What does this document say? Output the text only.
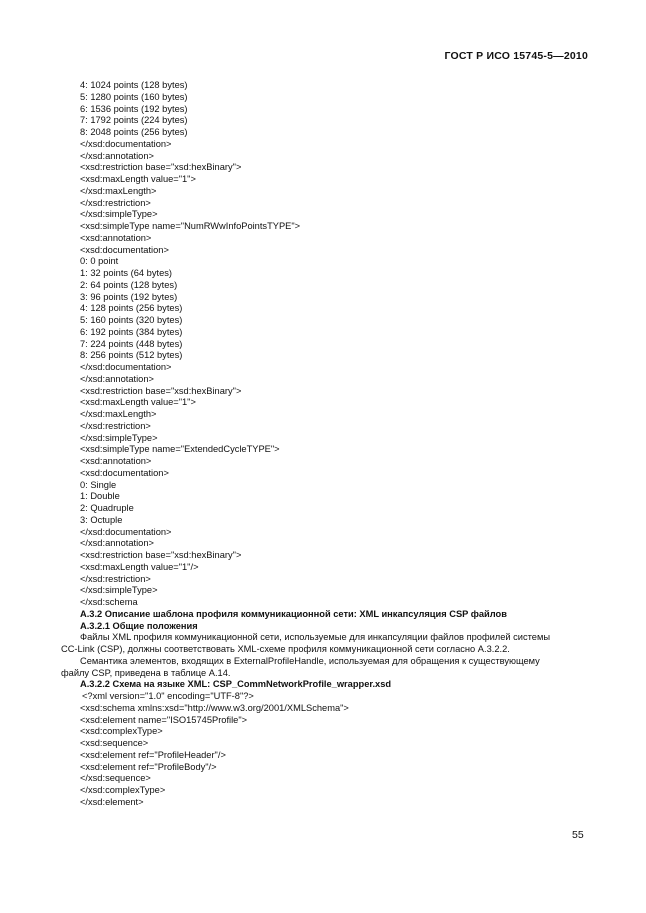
ГОСТ Р ИСО 15745-5—2010
4: 1024 points (128 bytes)
5: 1280 points (160 bytes)
6: 1536 points (192 bytes)
7: 1792 points (224 bytes)
8: 2048 points (256 bytes)
</xsd:documentation>
</xsd:annotation>
<xsd:restriction base="xsd:hexBinary">
<xsd:maxLength value="1">
</xsd:maxLength>
</xsd:restriction>
</xsd:simpleType>
<xsd:simpleType name="NumRWwInfoPointsTYPE">
<xsd:annotation>
<xsd:documentation>
0: 0 point
1: 32 points (64 bytes)
2: 64 points (128 bytes)
3: 96 points (192 bytes)
4: 128 points (256 bytes)
5: 160 points (320 bytes)
6: 192 points (384 bytes)
7: 224 points (448 bytes)
8: 256 points (512 bytes)
</xsd:documentation>
</xsd:annotation>
<xsd:restriction base="xsd:hexBinary">
<xsd:maxLength value="1">
</xsd:maxLength>
</xsd:restriction>
</xsd:simpleType>
<xsd:simpleType name="ExtendedCycleTYPE">
<xsd:annotation>
<xsd:documentation>
0: Single
1: Double
2: Quadruple
3: Octuple
</xsd:documentation>
</xsd:annotation>
<xsd:restriction base="xsd:hexBinary">
<xsd:maxLength value="1"/>
</xsd:restriction>
</xsd:simpleType>
</xsd:schema
А.3.2 Описание шаблона профиля коммуникационной сети: XML инкапсуляция CSP файлов
А.3.2.1 Общие положения
Файлы XML профиля коммуникационной сети, используемые для инкапсуляции файлов профилей системы
CC-Link (CSP), должны соответствовать XML-схеме профиля коммуникационной сети согласно А.3.2.2.
Семантика элементов, входящих в ExternalProfileHandle, используемая для обращения к существующему
файлу CSP, приведена в таблице А.14.
А.3.2.2 Схема на языке XML: CSP_CommNetworkProfile_wrapper.xsd
<?xml version="1.0" encoding="UTF-8"?>
<xsd:schema xmlns:xsd="http://www.w3.org/2001/XMLSchema">
<xsd:element name="ISO15745Profile">
<xsd:complexType>
<xsd:sequence>
<xsd:element ref="ProfileHeader"/>
<xsd:element ref="ProfileBody"/>
</xsd:sequence>
</xsd:complexType>
</xsd:element>
55
